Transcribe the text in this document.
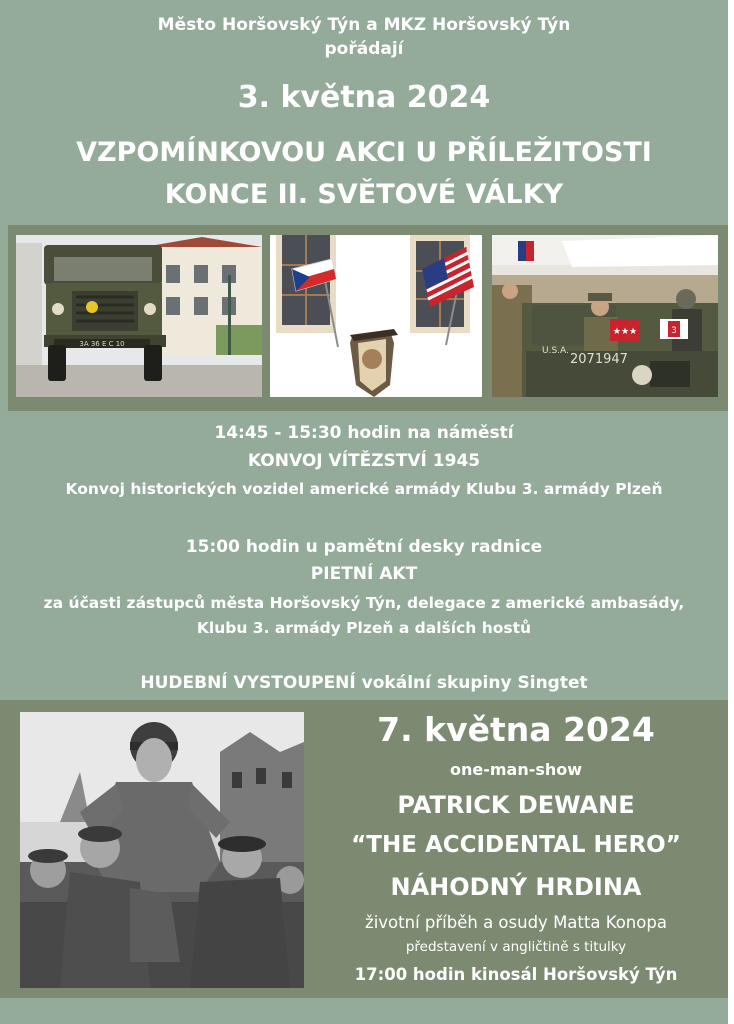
Město Horšovský Týn a MKZ Horšovský Týn
pořádají
3. května 2024
VZPOMÍNKOVOU AKCI U PŘÍLEŽITOSTI
KONCE II. SVĚTOVÉ VÁLKY
3A 36 E C 10
★★★	3
U.S.A.
2071947
14:45 - 15:30 hodin na náměstí
KONVOJ VÍTĚZSTVÍ 1945
Konvoj historických vozidel americké armády Klubu 3. armády Plzeň
15:00 hodin u pamětní desky radnice
PIETNÍ AKT
za účasti zástupců města Horšovský Týn, delegace z americké ambasády,
Klubu 3. armády Plzeň a dalších hostů
HUDEBNÍ VYSTOUPENÍ vokální skupiny Singtet
7. května 2024
one-man-show
PATRICK DEWANE
“THE ACCIDENTAL HERO”
NÁHODNÝ HRDINA
životní příběh a osudy Matta Konopa
představení v angličtině s titulky
17:00 hodin kinosál Horšovský Týn
